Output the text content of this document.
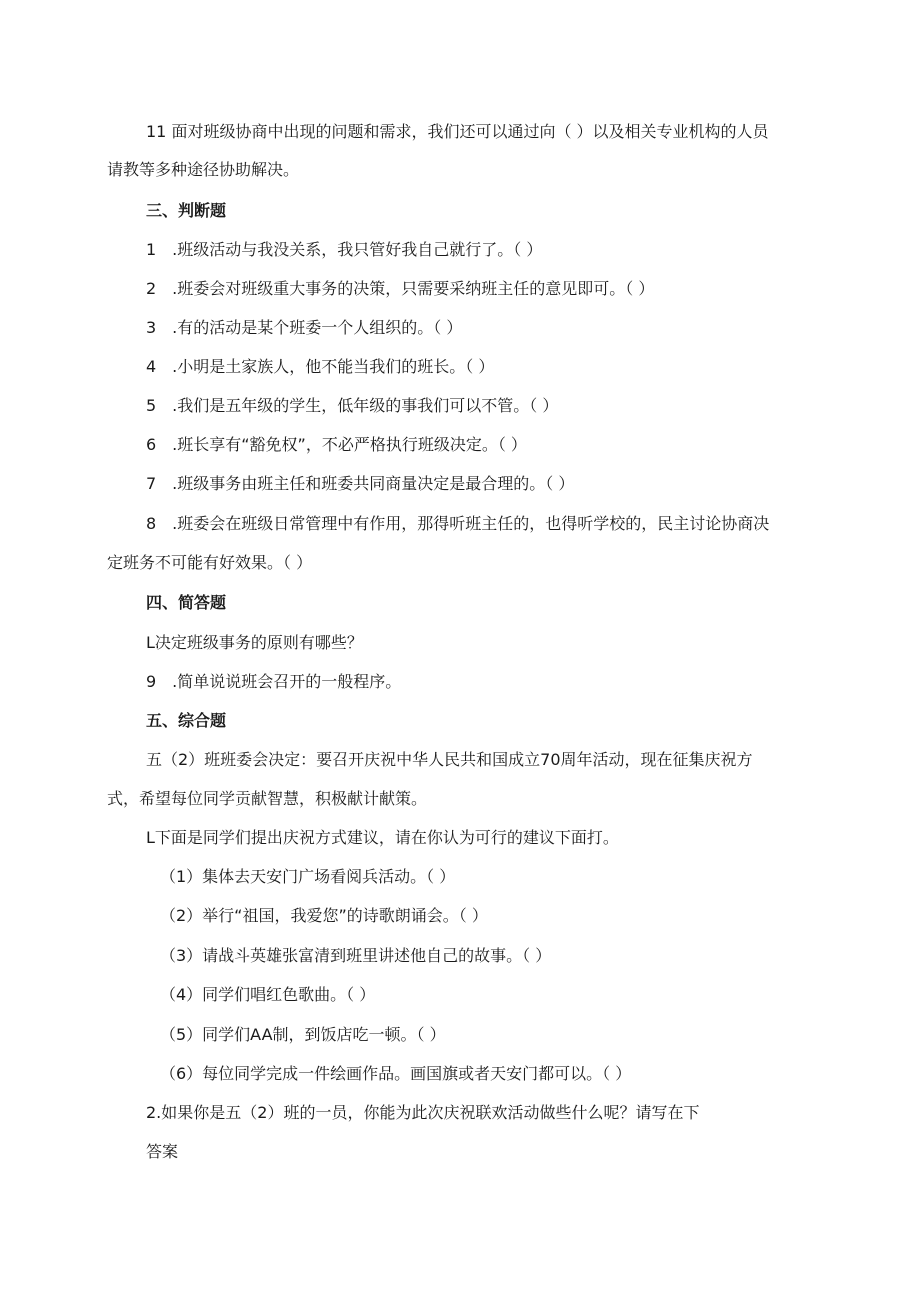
11 面对班级协商中出现的问题和需求，我们还可以通过向（ ）以及相关专业机构的人员
请教等多种途径协助解决。
三、判断题
1　.班级活动与我没关系，我只管好我自己就行了。（ ）
2　.班委会对班级重大事务的决策，只需要采纳班主任的意见即可。（ ）
3　.有的活动是某个班委一个人组织的。（ ）
4　.小明是土家族人，他不能当我们的班长。（ ）
5　.我们是五年级的学生，低年级的事我们可以不管。（ ）
6　.班长享有“豁免权”，不必严格执行班级决定。（ ）
7　.班级事务由班主任和班委共同商量决定是最合理的。（ ）
8　.班委会在班级日常管理中有作用，那得听班主任的，也得听学校的，民主讨论协商决
定班务不可能有好效果。（ ）
四、简答题
L决定班级事务的原则有哪些？
9　.简单说说班会召开的一般程序。
五、综合题
五（2）班班委会决定：要召开庆祝中华人民共和国成立70周年活动，现在征集庆祝方
式，希望每位同学贡献智慧，积极献计献策。
L下面是同学们提出庆祝方式建议，请在你认为可行的建议下面打。
（1）集体去天安门广场看阅兵活动。（ ）
（2）举行“祖国，我爱您”的诗歌朗诵会。（ ）
（3）请战斗英雄张富清到班里讲述他自己的故事。（ ）
（4）同学们唱红色歌曲。（ ）
（5）同学们AA制，到饭店吃一顿。（ ）
（6）每位同学完成一件绘画作品。画国旗或者天安门都可以。（ ）
2.如果你是五（2）班的一员，你能为此次庆祝联欢活动做些什么呢？请写在下
答案
